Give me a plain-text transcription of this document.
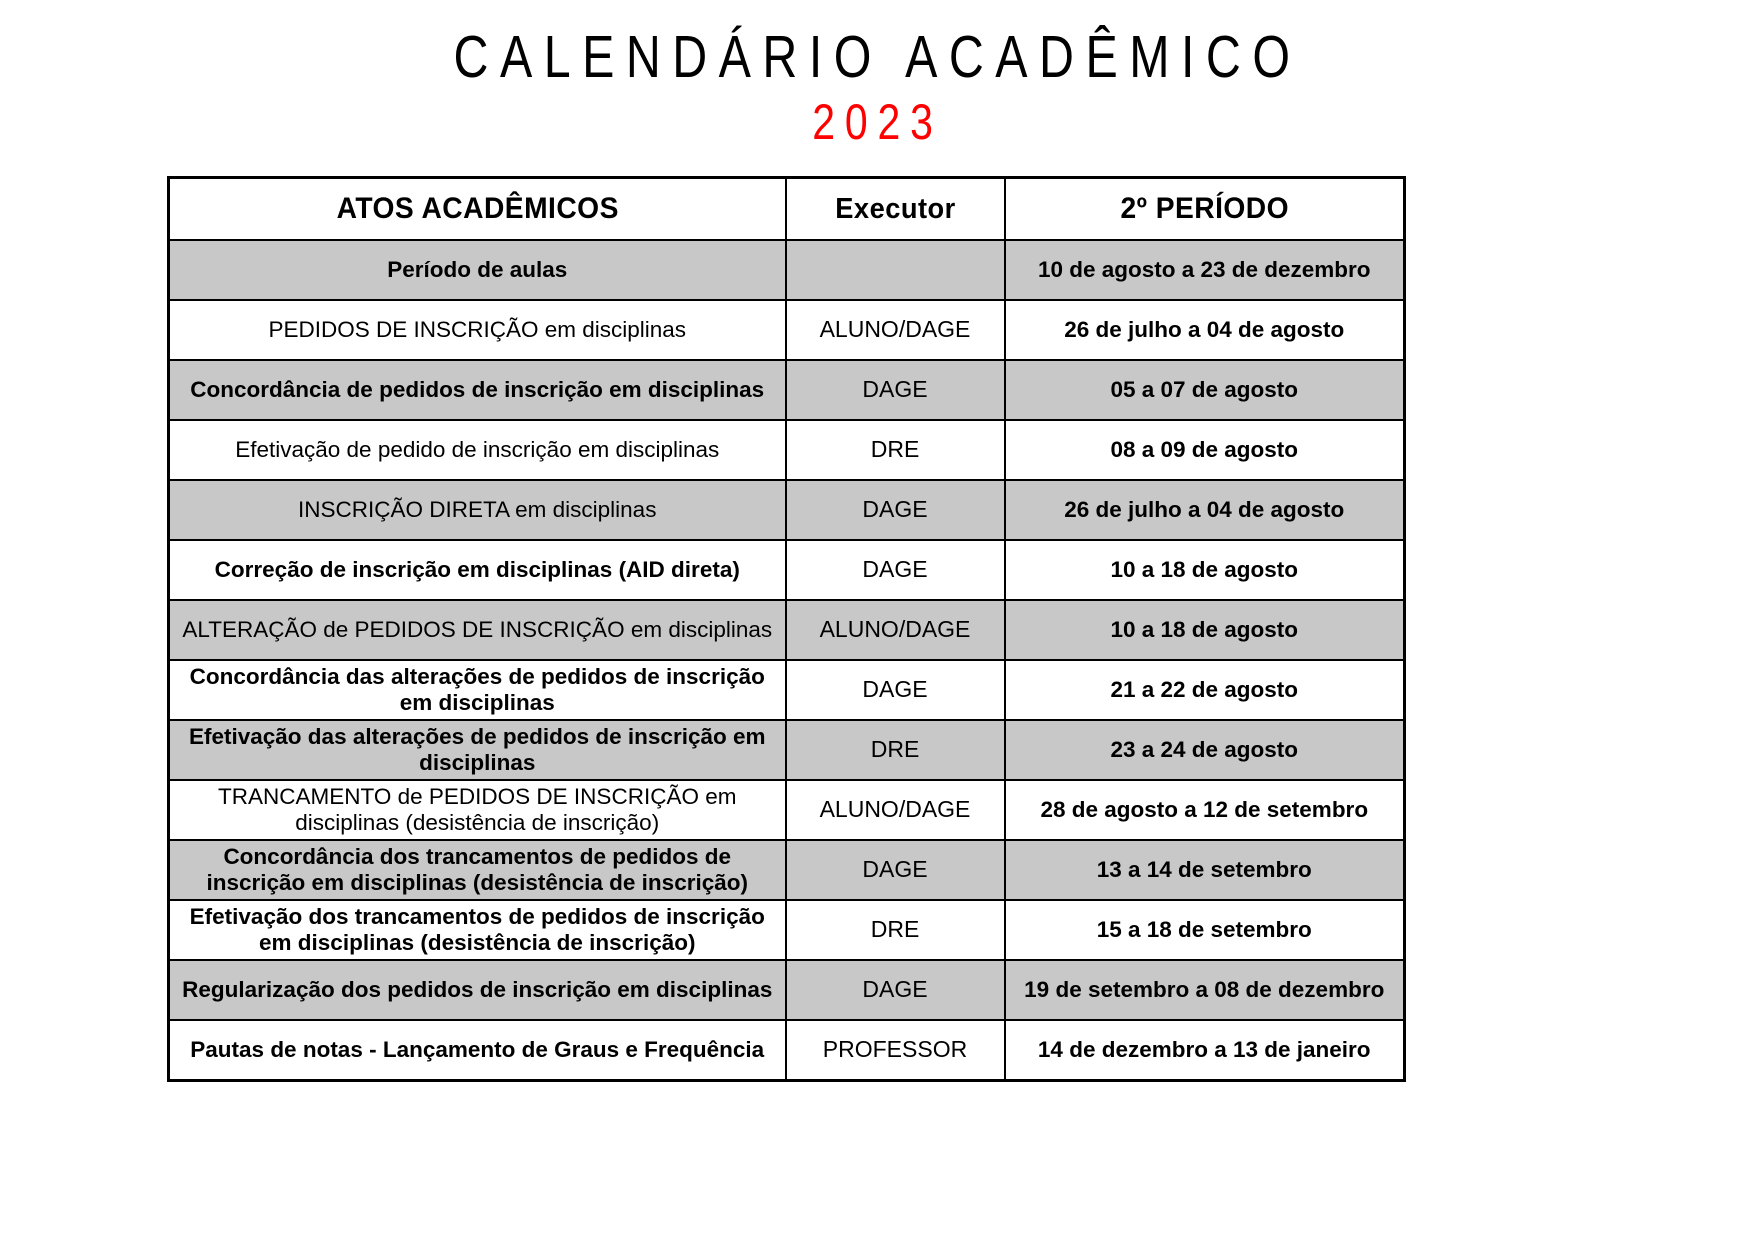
CALENDÁRIO ACADÊMICO
2023
ATOS ACADÊMICOS	Executor	2º PERÍODO
Período de aulas		10 de agosto a 23 de dezembro
PEDIDOS DE INSCRIÇÃO em disciplinas	ALUNO/DAGE	26 de julho a 04 de agosto
Concordância de pedidos de inscrição em disciplinas	DAGE	05 a 07 de agosto
Efetivação de pedido de inscrição em disciplinas	DRE	08 a 09 de agosto
INSCRIÇÃO DIRETA em disciplinas	DAGE	26 de julho a 04 de agosto
Correção de inscrição em disciplinas (AID direta)	DAGE	10 a 18 de agosto
ALTERAÇÃO de PEDIDOS DE INSCRIÇÃO em disciplinas	ALUNO/DAGE	10 a 18 de agosto
Concordância das alterações de pedidos de inscrição em disciplinas	DAGE	21 a 22 de agosto
Efetivação das alterações de pedidos de inscrição em disciplinas	DRE	23 a 24 de agosto
TRANCAMENTO de PEDIDOS DE INSCRIÇÃO em disciplinas (desistência de inscrição)	ALUNO/DAGE	28 de agosto a 12 de setembro
Concordância dos trancamentos de pedidos de inscrição em disciplinas (desistência de inscrição)	DAGE	13 a 14 de setembro
Efetivação dos trancamentos de pedidos de inscrição em disciplinas (desistência de inscrição)	DRE	15 a 18 de setembro
Regularização dos pedidos de inscrição em disciplinas	DAGE	19 de setembro a 08 de dezembro
Pautas de notas - Lançamento de Graus e Frequência	PROFESSOR	14 de dezembro a 13 de janeiro
